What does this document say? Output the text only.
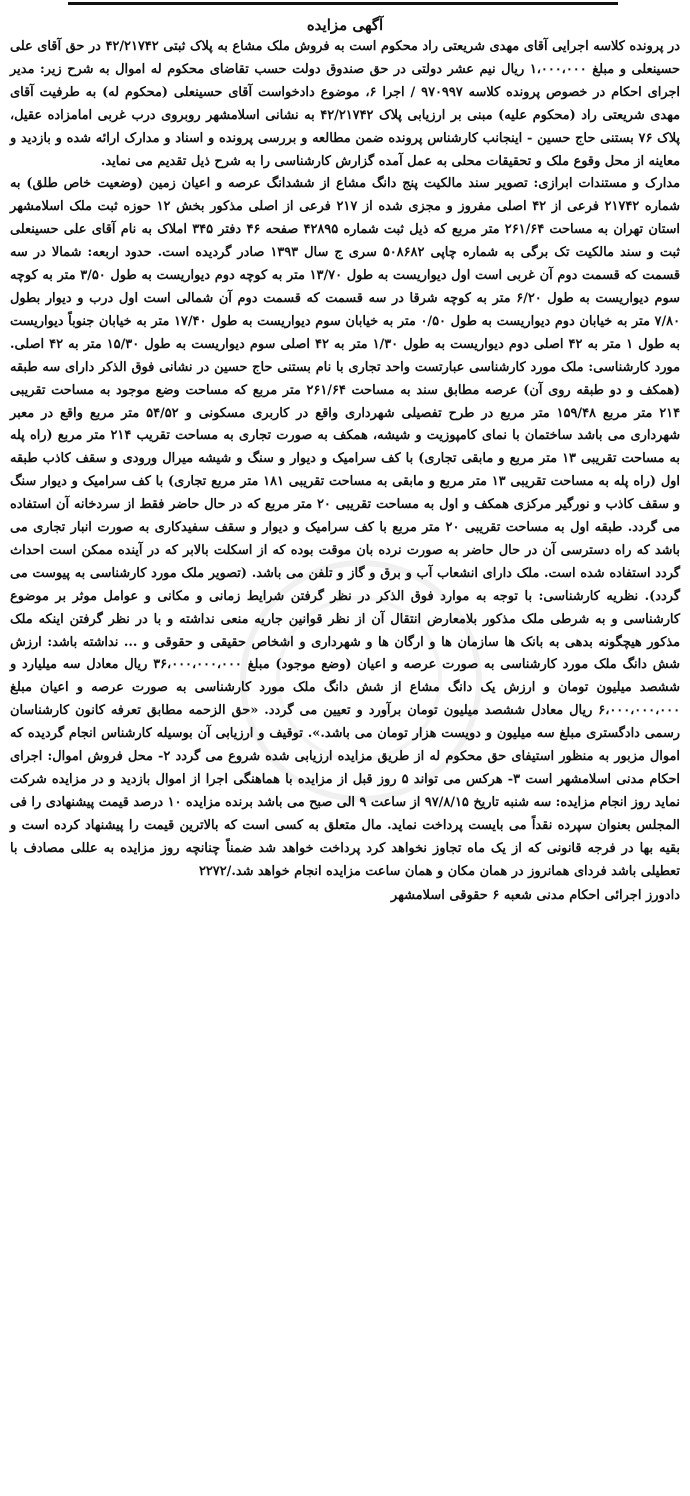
آگهی مزایده

در پرونده کلاسه اجرایی آقای مهدی شریعتی راد محکوم است به فروش ملک مشاع به پلاک ثبتی ۴۲/۲۱۷۴۲ در حق آقای علی حسینعلی و مبلغ ۱،۰۰۰،۰۰۰ ریال نیم عشر دولتی در حق صندوق دولت حسب تقاضای محکوم له اموال به شرح زیر: مدیر اجرای احکام در خصوص پرونده کلاسه ۹۷۰۹۹۷ / اجرا ۶، موضوع دادخواست آقای حسینعلی (محکوم له) به طرفیت آقای مهدی شریعتی راد (محکوم علیه) مبنی بر ارزیابی پلاک ۴۲/۲۱۷۴۲ به نشانی اسلامشهر روبروی درب غربی امامزاده عقیل، پلاک ۷۶ بستنی حاج حسین - اینجانب کارشناس پرونده ضمن مطالعه و بررسی پرونده و اسناد و مدارک ارائه شده و بازدید و معاینه از محل وقوع ملک و تحقیقات محلی به عمل آمده گزارش کارشناسی را به شرح ذیل تقدیم می نماید.

مدارک و مستندات ابرازی: تصویر سند مالکیت پنج دانگ مشاع از ششدانگ عرصه و اعیان زمین (وضعیت خاص طلق) به شماره ۲۱۷۴۲ فرعی از ۴۲ اصلی مفروز و مجزی شده از ۲۱۷ فرعی از اصلی مذکور بخش ۱۲ حوزه ثبت ملک اسلامشهر استان تهران به مساحت ۲۶۱/۶۴ متر مربع که ذیل ثبت شماره ۴۲۸۹۵ صفحه ۴۶ دفتر ۳۴۵ املاک به نام آقای علی حسینعلی ثبت و سند مالکیت تک برگی به شماره چاپی ۵۰۸۶۸۲ سری ج سال ۱۳۹۳ صادر گردیده است. حدود اربعه: شمالا در سه قسمت که قسمت دوم آن غربی است اول دیواریست به طول ۱۳/۷۰ متر به کوچه دوم دیواریست به طول ۳/۵۰ متر به کوچه سوم دیواریست به طول ۶/۲۰ متر به کوچه شرقا در سه قسمت که قسمت دوم آن شمالی است اول درب و دیوار بطول ۷/۸۰ متر به خیابان دوم دیواریست به طول ۰/۵۰ متر به خیابان سوم دیواریست به طول ۱۷/۴۰ متر به خیابان جنوباً دیواریست به طول ۱ متر به ۴۲ اصلی دوم دیواریست به طول ۱/۳۰ متر به ۴۲ اصلی سوم دیواریست به طول ۱۵/۳۰ متر به ۴۲ اصلی. مورد کارشناسی: ملک مورد کارشناسی عبارتست واحد تجاری با نام بستنی حاج حسین در نشانی فوق الذکر دارای سه طبقه (همکف و دو طبقه روی آن) عرصه مطابق سند به مساحت ۲۶۱/۶۴ متر مربع که مساحت وضع موجود به مساحت تقریبی ۲۱۴ متر مربع ۱۵۹/۴۸ متر مربع در طرح تفصیلی شهرداری واقع در کاربری مسکونی و ۵۴/۵۲ متر مربع واقع در معبر شهرداری می باشد ساختمان با نمای کامپوزیت و شیشه، همکف به صورت تجاری به مساحت تقریب ۲۱۴ متر مربع (راه پله به مساحت تقریبی ۱۳ متر مربع و مابقی تجاری) با کف سرامیک و دیوار و سنگ و شیشه میرال ورودی و سقف کاذب طبقه اول (راه پله به مساحت تقریبی ۱۳ متر مربع و مابقی به مساحت تقریبی ۱۸۱ متر مربع تجاری) با کف سرامیک و دیوار سنگ و سقف کاذب و نورگیر مرکزی همکف و اول به مساحت تقریبی ۲۰ متر مربع که در حال حاضر فقط از سردخانه آن استفاده می گردد. طبقه اول به مساحت تقریبی ۲۰ متر مربع با کف سرامیک و دیوار و سقف سفیدکاری به صورت انبار تجاری می باشد که راه دسترسی آن در حال حاضر به صورت نرده بان موقت بوده که از اسکلت بالابر که در آینده ممکن است احداث گردد استفاده شده است. ملک دارای انشعاب آب و برق و گاز و تلفن می باشد. (تصویر ملک مورد کارشناسی به پیوست می گردد). نظریه کارشناسی: با توجه به موارد فوق الذکر در نظر گرفتن شرایط زمانی و مکانی و عوامل موثر بر موضوع کارشناسی و به شرطی ملک مذکور بلامعارض انتقال آن از نظر قوانین جاریه منعی نداشته و با در نظر گرفتن اینکه ملک مذکور هیچگونه بدهی به بانک ها سازمان ها و ارگان ها و شهرداری و اشخاص حقیقی و حقوقی و ... نداشته باشد: ارزش شش دانگ ملک مورد کارشناسی به صورت عرصه و اعیان (وضع موجود) مبلغ ۳۶،۰۰۰،۰۰۰،۰۰۰ ریال معادل سه میلیارد و ششصد میلیون تومان و ارزش یک دانگ مشاع از شش دانگ ملک مورد کارشناسی به صورت عرصه و اعیان مبلغ ۶،۰۰۰،۰۰۰،۰۰۰ ریال معادل ششصد میلیون تومان برآورد و تعیین می گردد. «حق الزحمه مطابق تعرفه کانون کارشناسان رسمی دادگستری مبلغ سه میلیون و دویست هزار تومان می باشد.». توقیف و ارزیابی آن بوسیله کارشناس انجام گردیده که اموال مزبور به منظور استیفای حق محکوم له از طریق مزایده ارزیابی شده شروع می گردد ۲- محل فروش اموال: اجرای احکام مدنی اسلامشهر است ۳- هرکس می تواند ۵ روز قبل از مزایده با هماهنگی اجرا از اموال بازدید و در مزایده شرکت نماید روز انجام مزایده: سه شنبه تاریخ ۹۷/۸/۱۵ از ساعت ۹ الی صبح می باشد برنده مزایده ۱۰ درصد قیمت پیشنهادی را فی المجلس بعنوان سپرده نقداً می بایست پرداخت نماید. مال متعلق به کسی است که بالاترین قیمت را پیشنهاد کرده است و بقیه بها در فرجه قانونی که از یک ماه تجاوز نخواهد کرد پرداخت خواهد شد ضمناً چنانچه روز مزایده به عللی مصادف با تعطیلی باشد فردای همانروز در همان مکان و همان ساعت مزایده انجام خواهد شد./۲۲۷۲

دادورز اجرائی احکام مدنی شعبه ۶ حقوقی اسلامشهر
